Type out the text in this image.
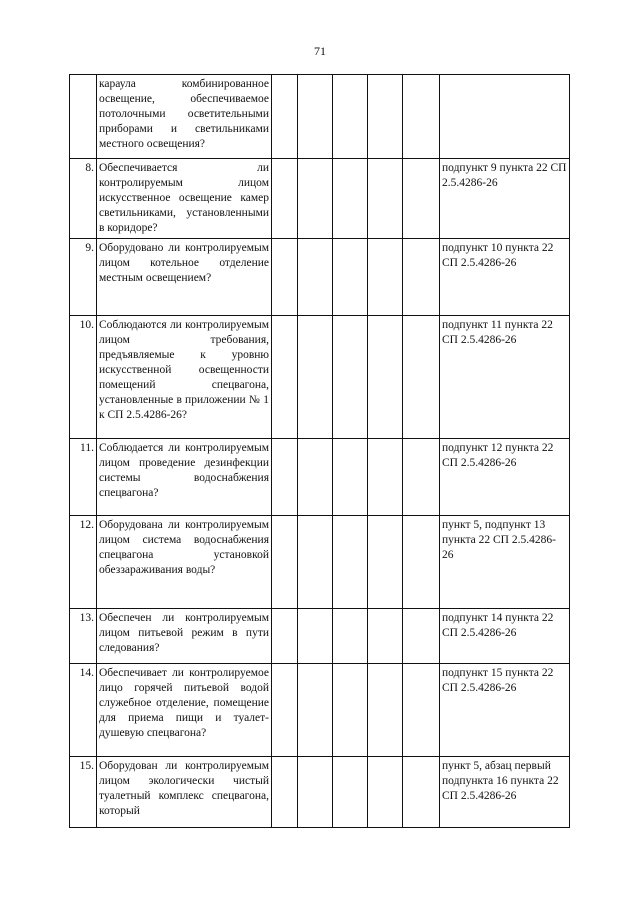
71
	караула комбинированное освещение, обеспечиваемое потолочными осветительными приборами и светильниками местного освещения?						
8.	Обеспечивается ли контролируемым лицом искусственное освещение камер светильниками, установленными в коридоре?						подпункт 9 пункта 22 СП 2.5.4286-26
9.	Оборудовано ли контролируемым лицом котельное отделение местным освещением?						подпункт 10 пункта 22 СП 2.5.4286-26
10.	Соблюдаются ли контролируемым лицом требования, предъявляемые к уровню искусственной освещенности помещений спецвагона, установленные в приложении № 1 к СП 2.5.4286-26?						подпункт 11 пункта 22 СП 2.5.4286-26
11.	Соблюдается ли контролируемым лицом проведение дезинфекции системы водоснабжения спецвагона?						подпункт 12 пункта 22 СП 2.5.4286-26
12.	Оборудована ли контролируемым лицом система водоснабжения спецвагона установкой обеззараживания воды?						пункт 5, подпункт 13 пункта 22 СП 2.5.4286-26
13.	Обеспечен ли контролируемым лицом питьевой режим в пути следования?						подпункт 14 пункта 22 СП 2.5.4286-26
14.	Обеспечивает ли контролируемое лицо горячей питьевой водой служебное отделение, помещение для приема пищи и туалет-душевую спецвагона?						подпункт 15 пункта 22 СП 2.5.4286-26
15.	Оборудован ли контролируемым лицом экологически чистый туалетный комплекс спецвагона, который						пункт 5, абзац первый подпункта 16 пункта 22 СП 2.5.4286-26
